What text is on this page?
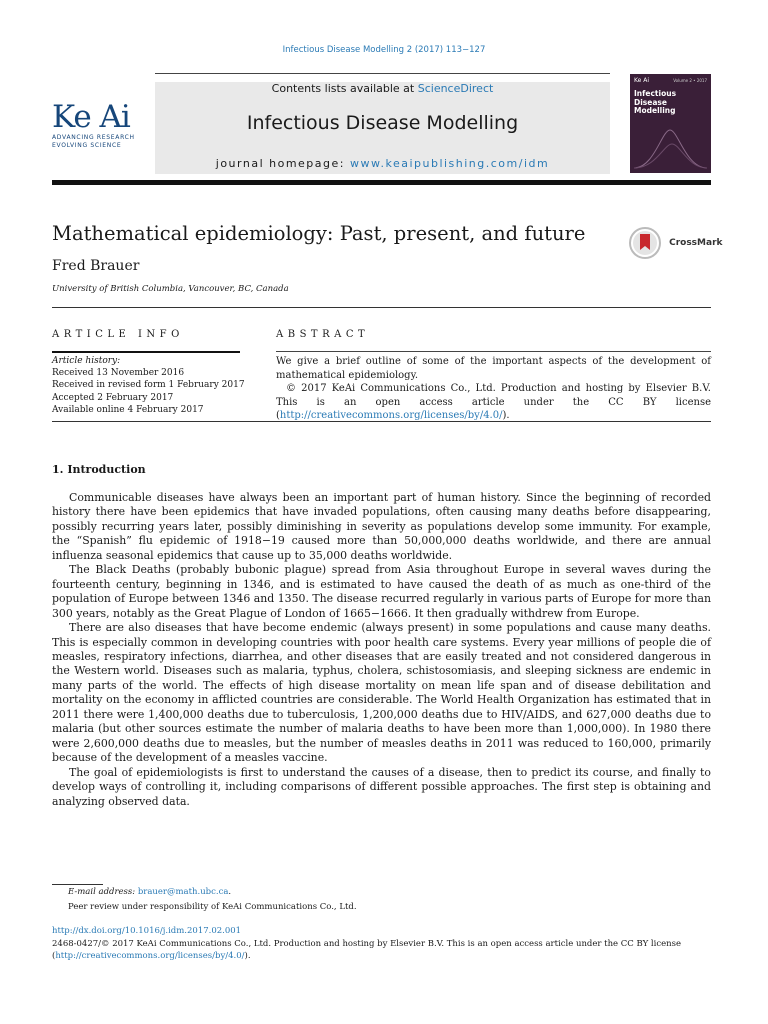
Infectious Disease Modelling 2 (2017) 113−127
Ke Ai
ADVANCING RESEARCH
EVOLVING SCIENCE
Contents lists available at ScienceDirect
Infectious Disease Modelling
journal homepage: www.keaipublishing.com/idm
Ke Ai	Volume 2 • 2017
Infectious Disease Modelling
Mathematical epidemiology: Past, present, and future	CrossMark
Fred Brauer
University of British Columbia, Vancouver, BC, Canada
ARTICLE INFO	ABSTRACT
Article history:
Received 13 November 2016
Received in revised form 1 February 2017
Accepted 2 February 2017
Available online 4 February 2017
We give a brief outline of some of the important aspects of the development of mathematical epidemiology.
© 2017 KeAi Communications Co., Ltd. Production and hosting by Elsevier B.V. This is an open access article under the CC BY license (http://creativecommons.org/licenses/by/4.0/).
1. Introduction

Communicable diseases have always been an important part of human history. Since the beginning of recorded history there have been epidemics that have invaded populations, often causing many deaths before disappearing, possibly recurring years later, possibly diminishing in severity as populations develop some immunity. For example, the “Spanish” flu epidemic of 1918−19 caused more than 50,000,000 deaths worldwide, and there are annual influenza seasonal epidemics that cause up to 35,000 deaths worldwide.

The Black Deaths (probably bubonic plague) spread from Asia throughout Europe in several waves during the fourteenth century, beginning in 1346, and is estimated to have caused the death of as much as one-third of the population of Europe between 1346 and 1350. The disease recurred regularly in various parts of Europe for more than 300 years, notably as the Great Plague of London of 1665−1666. It then gradually withdrew from Europe.

There are also diseases that have become endemic (always present) in some populations and cause many deaths. This is especially common in developing countries with poor health care systems. Every year millions of people die of measles, respiratory infections, diarrhea, and other diseases that are easily treated and not considered dangerous in the Western world. Diseases such as malaria, typhus, cholera, schistosomiasis, and sleeping sickness are endemic in many parts of the world. The effects of high disease mortality on mean life span and of disease debilitation and mortality on the economy in afflicted countries are considerable. The World Health Organization has estimated that in 2011 there were 1,400,000 deaths due to tuberculosis, 1,200,000 deaths due to HIV/AIDS, and 627,000 deaths due to malaria (but other sources estimate the number of malaria deaths to have been more than 1,000,000). In 1980 there were 2,600,000 deaths due to measles, but the number of measles deaths in 2011 was reduced to 160,000, primarily because of the development of a measles vaccine.

The goal of epidemiologists is first to understand the causes of a disease, then to predict its course, and finally to develop ways of controlling it, including comparisons of different possible approaches. The first step is obtaining and analyzing observed data.

E-mail address: brauer@math.ubc.ca.
Peer review under responsibility of KeAi Communications Co., Ltd.
http://dx.doi.org/10.1016/j.idm.2017.02.001
2468-0427/© 2017 KeAi Communications Co., Ltd. Production and hosting by Elsevier B.V. This is an open access article under the CC BY license (http://creativecommons.org/licenses/by/4.0/).
